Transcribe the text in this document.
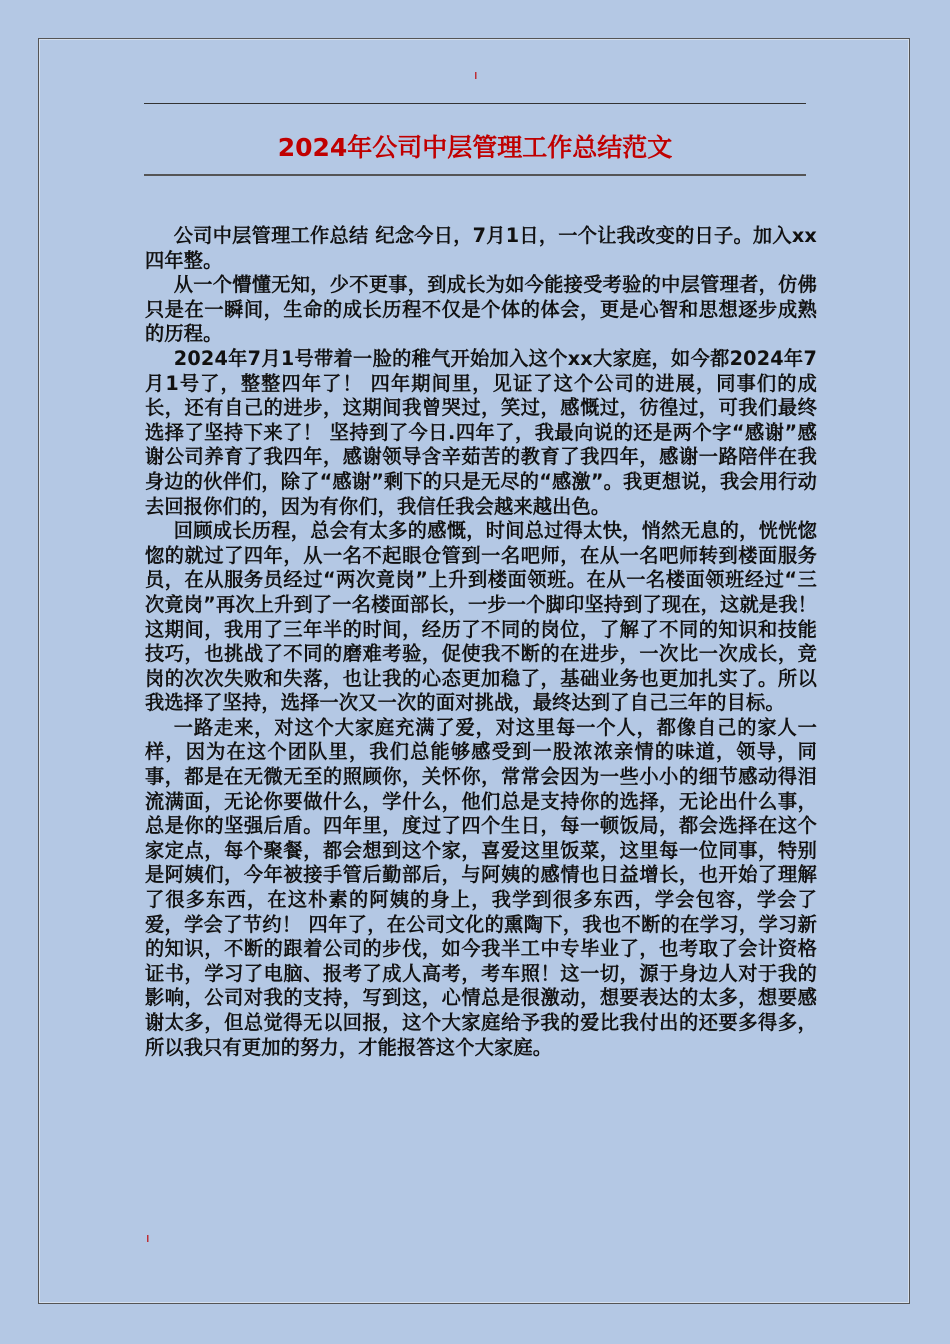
ı
2024年公司中层管理工作总结范文

公司中层管理工作总结 纪念今日，7月1日，一个让我改变的日子。加入xx四年整。

从一个懵懂无知，少不更事，到成长为如今能接受考验的中层管理者，仿佛只是在一瞬间，生命的成长历程不仅是个体的体会，更是心智和思想逐步成熟的历程。

2024年7月1号带着一脸的稚气开始加入这个xx大家庭，如今都2024年7月1号了，整整四年了！ 四年期间里，见证了这个公司的进展，同事们的成长，还有自己的进步，这期间我曾哭过，笑过，感慨过，彷徨过，可我们最终选择了坚持下来了！ 坚持到了今日.四年了，我最向说的还是两个字“感谢”感谢公司养育了我四年，感谢领导含辛茹苦的教育了我四年，感谢一路陪伴在我身边的伙伴们，除了“感谢”剩下的只是无尽的“感激”。我更想说，我会用行动去回报你们的，因为有你们，我信任我会越来越出色。

回顾成长历程，总会有太多的感慨，时间总过得太快，悄然无息的，恍恍惚惚的就过了四年，从一名不起眼仓管到一名吧师，在从一名吧师转到楼面服务员，在从服务员经过“两次竟岗”上升到楼面领班。在从一名楼面领班经过“三次竟岗”再次上升到了一名楼面部长，一步一个脚印坚持到了现在，这就是我！这期间，我用了三年半的时间，经历了不同的岗位，了解了不同的知识和技能技巧，也挑战了不同的磨难考验，促使我不断的在进步，一次比一次成长，竞岗的次次失败和失落，也让我的心态更加稳了，基础业务也更加扎实了。所以我选择了坚持，选择一次又一次的面对挑战，最终达到了自己三年的目标。

一路走来，对这个大家庭充满了爱，对这里每一个人，都像自己的家人一样，因为在这个团队里，我们总能够感受到一股浓浓亲情的味道，领导，同事，都是在无微无至的照顾你，关怀你，常常会因为一些小小的细节感动得泪流满面，无论你要做什么，学什么，他们总是支持你的选择，无论出什么事，总是你的坚强后盾。四年里，度过了四个生日，每一顿饭局，都会选择在这个家定点，每个聚餐，都会想到这个家，喜爱这里饭菜，这里每一位同事，特别是阿姨们，今年被接手管后勤部后，与阿姨的感情也日益增长，也开始了理解了很多东西，在这朴素的阿姨的身上，我学到很多东西，学会包容，学会了爱，学会了节约！ 四年了，在公司文化的熏陶下，我也不断的在学习，学习新的知识，不断的跟着公司的步伐，如今我半工中专毕业了，也考取了会计资格证书，学习了电脑、报考了成人高考，考车照！这一切，源于身边人对于我的影响，公司对我的支持，写到这，心情总是很激动，想要表达的太多，想要感谢太多，但总觉得无以回报，这个大家庭给予我的爱比我付出的还要多得多，所以我只有更加的努力，才能报答这个大家庭。

ı
